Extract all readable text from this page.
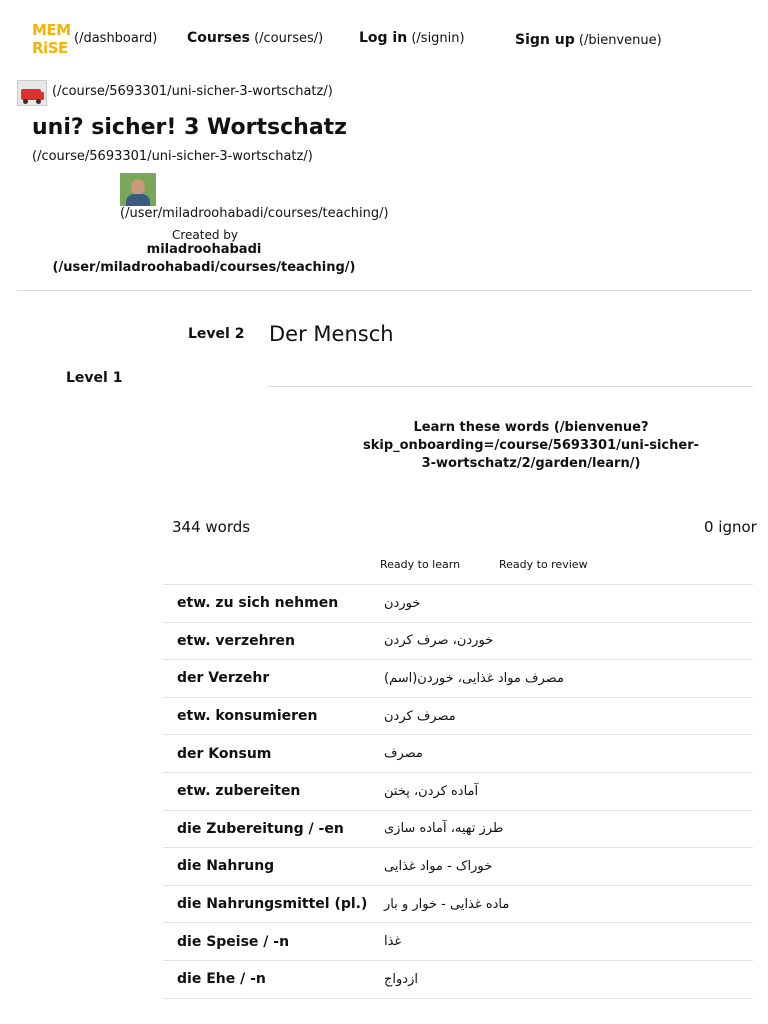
MEM
RiSE
(/dashboard) Courses (/courses/)	Log in (/signin)	Sign up (/bienvenue)
(/course/5693301/uni-sicher-3-wortschatz/)
uni? sicher! 3 Wortschatz
(/course/5693301/uni-sicher-3-wortschatz/)
(/user/miladroohabadi/courses/teaching/)
Created by
miladroohabadi
(/user/miladroohabadi/courses/teaching/)
Level 2 Der Mensch
Level 1
Learn these words (/bienvenue?skip_onboarding=/course/5693301/uni-sicher-3-wortschatz/2/garden/learn/)
344 words	0 ignor
Ready to learn	Ready to review
etw. zu sich nehmen	خوردن
etw. verzehren	خوردن، صرف کردن
der Verzehr	مصرف مواد غذایی، خوردن(اسم)
etw. konsumieren	مصرف کردن
der Konsum	مصرف
etw. zubereiten	آماده کردن، پختن
die Zubereitung / -en	طرز تهیه، آماده سازی
die Nahrung	خوراک - مواد غذایی
die Nahrungsmittel (pl.)	ماده غذایی - خوار و بار
die Speise / -n	غذا
die Ehe / -n	ازدواج
